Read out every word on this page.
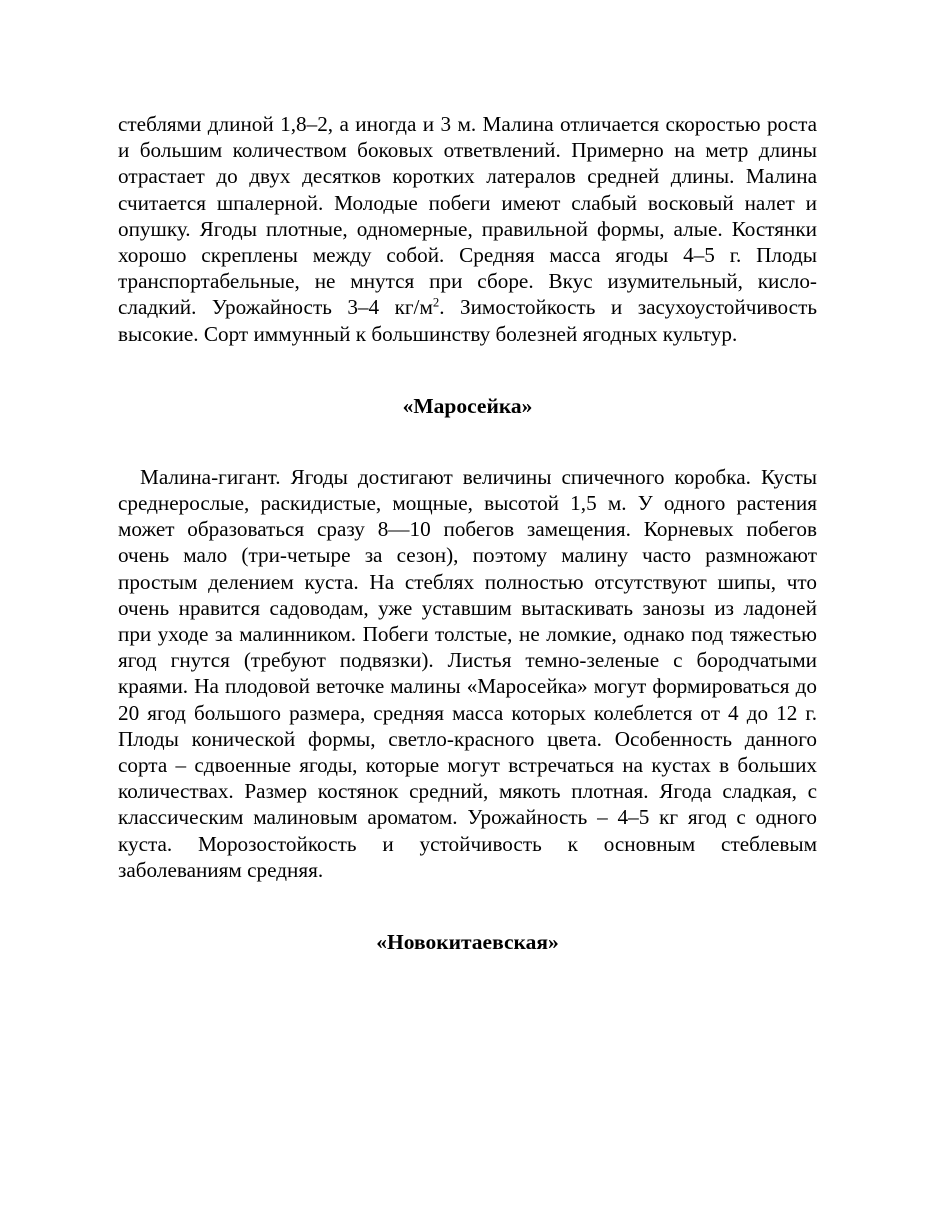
стеблями длиной 1,8–2, а иногда и 3 м. Малина отличается скоростью роста и большим количеством боковых ответвлений. Примерно на метр длины отрастает до двух десятков коротких латералов средней длины. Малина считается шпалерной. Молодые побеги имеют слабый восковый налет и опушку. Ягоды плотные, одномерные, правильной формы, алые. Костянки хорошо скреплены между собой. Средняя масса ягоды 4–5 г. Плоды транспортабельные, не мнутся при сборе. Вкус изумительный, кисло-сладкий. Урожайность 3–4 $кг/м^2$. Зимостойкость и засухоустойчивость высокие. Сорт иммунный к большинству болезней ягодных культур.

«Маросейка»

Малина-гигант. Ягоды достигают величины спичечного коробка. Кусты среднерослые, раскидистые, мощные, высотой 1,5 м. У одного растения может образоваться сразу 8—10 побегов замещения. Корневых побегов очень мало (три-четыре за сезон), поэтому малину часто размножают простым делением куста. На стеблях полностью отсутствуют шипы, что очень нравится садоводам, уже уставшим вытаскивать занозы из ладоней при уходе за малинником. Побеги толстые, не ломкие, однако под тяжестью ягод гнутся (требуют подвязки). Листья темно-зеленые с бородчатыми краями. На плодовой веточке малины «Маросейка» могут формироваться до 20 ягод большого размера, средняя масса которых колеблется от 4 до 12 г. Плоды конической формы, светло-красного цвета. Особенность данного сорта – сдвоенные ягоды, которые могут встречаться на кустах в больших количествах. Размер костянок средний, мякоть плотная. Ягода сладкая, с классическим малиновым ароматом. Урожайность – 4–5 кг ягод с одного куста. Морозостойкость и устойчивость к основным стеблевым заболеваниям средняя.

«Новокитаевская»
